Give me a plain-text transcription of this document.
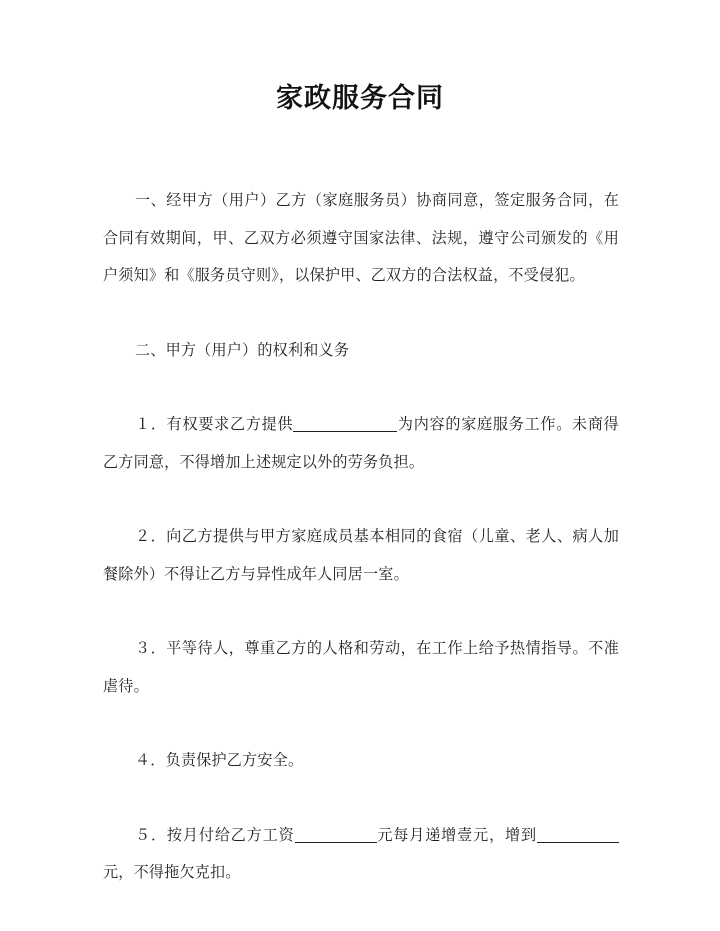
家政服务合同

一、经甲方（用户）乙方（家庭服务员）协商同意，签定服务合同，在合同有效期间，甲、乙双方必须遵守国家法律、法规，遵守公司颁发的《用户须知》和《服务员守则》，以保护甲、乙双方的合法权益，不受侵犯。

二、甲方（用户）的权利和义务

１．有权要求乙方提供	为内容的家庭服务工作。未商得乙方同意，不得增加上述规定以外的劳务负担。

２．向乙方提供与甲方家庭成员基本相同的食宿（儿童、老人、病人加餐除外）不得让乙方与异性成年人同居一室。

３．平等待人，尊重乙方的人格和劳动，在工作上给予热情指导。不准虐待。

４．负责保护乙方安全。

５．按月付给乙方工资	元每月递增壹元，增到元，不得拖欠克扣。
